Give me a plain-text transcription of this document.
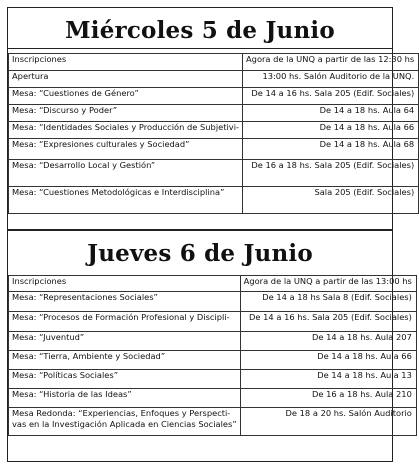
Miércoles 5 de Junio
Inscripciones	Agora de la UNQ a partir de las 12:30 hs
Apertura	13:00 hs. Salón Auditorio de la UNQ.
Mesa: “Cuestiones de Género”	De 14 a 16 hs. Sala 205 (Edif. Sociales)
Mesa: “Discurso y Poder”	De 14 a 18 hs. Aula 64
Mesa: “Identidades Sociales y Producción de Subjetivi-	De 14 a 18 hs. Aula 66
Mesa: “Expresiones culturales y Sociedad”	De 14 a 18 hs. Aula 68
Mesa: “Desarrollo Local y Gestión”	De 16 a 18 hs. Sala 205 (Edif. Sociales)
Mesa: “Cuestiones Metodológicas e Interdisciplina”	Sala 205 (Edif. Sociales)
Jueves 6 de Junio
Inscripciones	Agora de la UNQ a partir de las 13:00 hs
Mesa: “Representaciones Sociales”	De 14 a 18 hs Sala 8 (Edif. Sociales)
Mesa: “Procesos de Formación Profesional y Discipli-	De 14 a 16 hs. Sala 205 (Edif. Sociales)
Mesa: “Juventud”	De 14 a 18 hs. Aula 207
Mesa: “Tierra, Ambiente y Sociedad”	De 14 a 18 hs. Aula 66
Mesa: “Políticas Sociales”	De 14 a 18 hs. Aula 13
Mesa: “Historia de las Ideas”	De 16 a 18 hs. Aula 210

Mesa Redonda: “Experiencias, Enfoques y Perspecti-
vas en la Investigación Aplicada en Ciencias Sociales”	De 18 a 20 hs. Salón Auditorio
